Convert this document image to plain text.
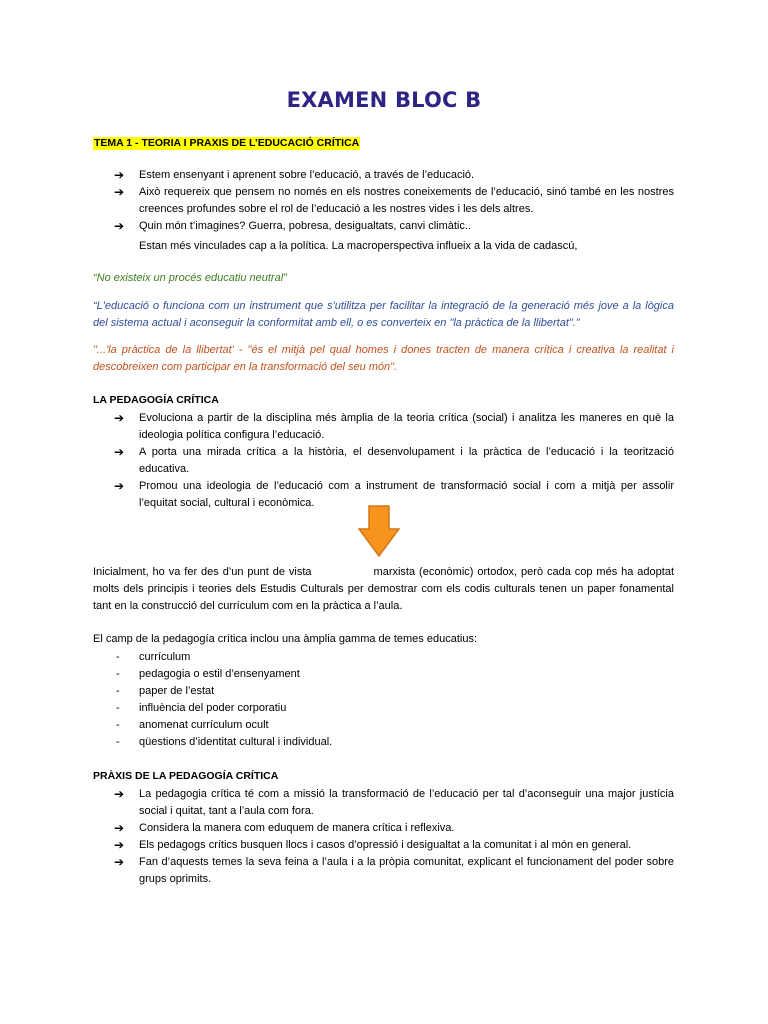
EXAMEN BLOC B
TEMA 1 - TEORIA I PRAXIS DE L’EDUCACIÓ CRÍTICA
➔ Estem ensenyant i aprenent sobre l’educació, a través de l’educació.
➔ Això requereix que pensem no només en els nostres coneixements de l’educació, sinó també en les nostres creences profundes sobre el rol de l’educació a les nostres vides i les dels altres.
➔ Quin món t’imagines? Guerra, pobresa, desigualtats, canvi climàtic..
Estan més vinculades cap a la política. La macroperspectiva influeix a la vida de cadascú,
“No existeix un procés educatiu neutral”
“L'educació o funciona com un instrument que s'utilitza per facilitar la integració de la generació més jove a la lògica del sistema actual i aconseguir la conformitat amb ell, o es converteix en "la pràctica de la llibertat".”
"...'la pràctica de la llibertat' - "és el mitjà pel qual homes i dones tracten de manera crítica i creativa la realitat i descobreixen com participar en la transformació del seu món".
LA PEDAGOGÍA CRÍTICA
➔ Evoluciona a partir de la disciplina més àmplia de la teoria crítica (social) i analitza les maneres en què la ideologia política configura l’educació.
➔ A porta una mirada crítica a la història, el desenvolupament i la pràctica de l’educació i la teorització educativa.
➔ Promou una ideologia de l’educació com a instrument de transformació social i com a mitjà per assolir l’equitat social, cultural i econòmica.

Inicialment, ho va fer des d’un punt de vista	marxista (econòmic) ortodox, però cada cop més ha adoptat molts dels principis i teories dels Estudis Culturals per demostrar com els codis culturals tenen un paper fonamental tant en la construcció del currículum com en la pràctica a l’aula.

El camp de la pedagogía crítica inclou una àmplia gamma de temes educatius:

- currículum
- pedagogia o estil d’ensenyament
- paper de l’estat
- influència del poder corporatiu
- anomenat currículum ocult
- qüestions d’identitat cultural i individual.
PRÀXIS DE LA PEDAGOGÍA CRÍTICA
➔ La pedagogia crítica té com a missió la transformació de l’educació per tal d’aconseguir una major justícia social i quitat, tant a l’aula com fora.
➔ Considera la manera com eduquem de manera crítica i reflexiva.
➔ Els pedagogs crítics busquen llocs i casos d’opressió i desigualtat a la comunitat i al món en general.
➔ Fan d’aquests temes la seva feina a l’aula i a la pròpia comunitat, explicant el funcionament del poder sobre grups oprimits.
